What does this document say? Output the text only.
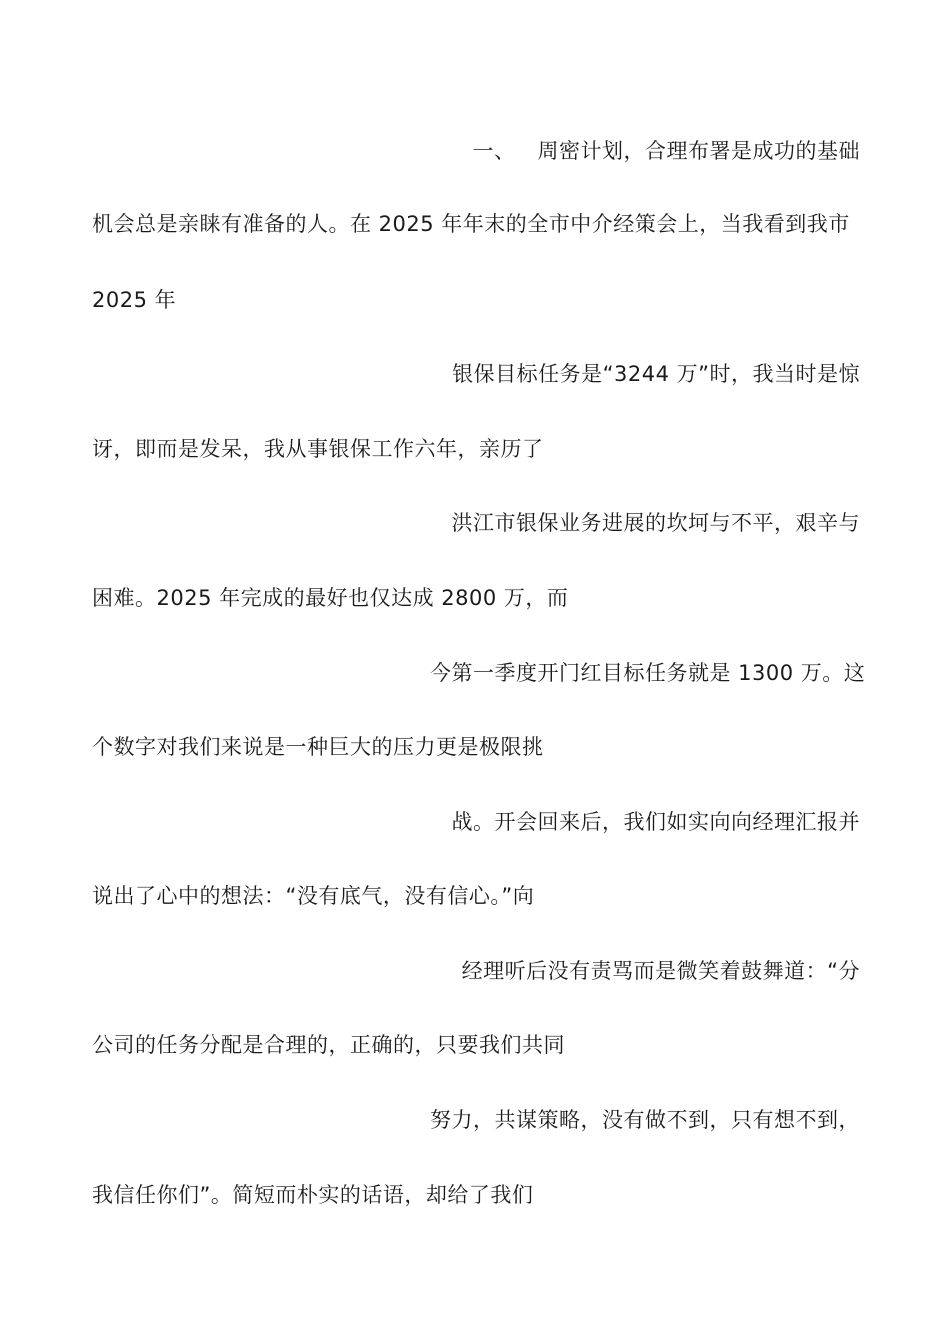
一、 周密计划，合理布署是成功的基础
机会总是亲睐有准备的人。在 2025 年年末的全市中介经策会上，当我看到我市
2025 年
银保目标任务是“3244 万”时，我当时是惊
讶，即而是发呆，我从事银保工作六年，亲历了
洪江市银保业务进展的坎坷与不平，艰辛与
困难。2025 年完成的最好也仅达成 2800 万，而
今第一季度开门红目标任务就是 1300 万。这
个数字对我们来说是一种巨大的压力更是极限挑
战。开会回来后，我们如实向向经理汇报并
说出了心中的想法：“没有底气，没有信心。”向
经理听后没有责骂而是微笑着鼓舞道：“分
公司的任务分配是合理的，正确的，只要我们共同
努力，共谋策略，没有做不到，只有想不到，
我信任你们”。简短而朴实的话语，却给了我们
